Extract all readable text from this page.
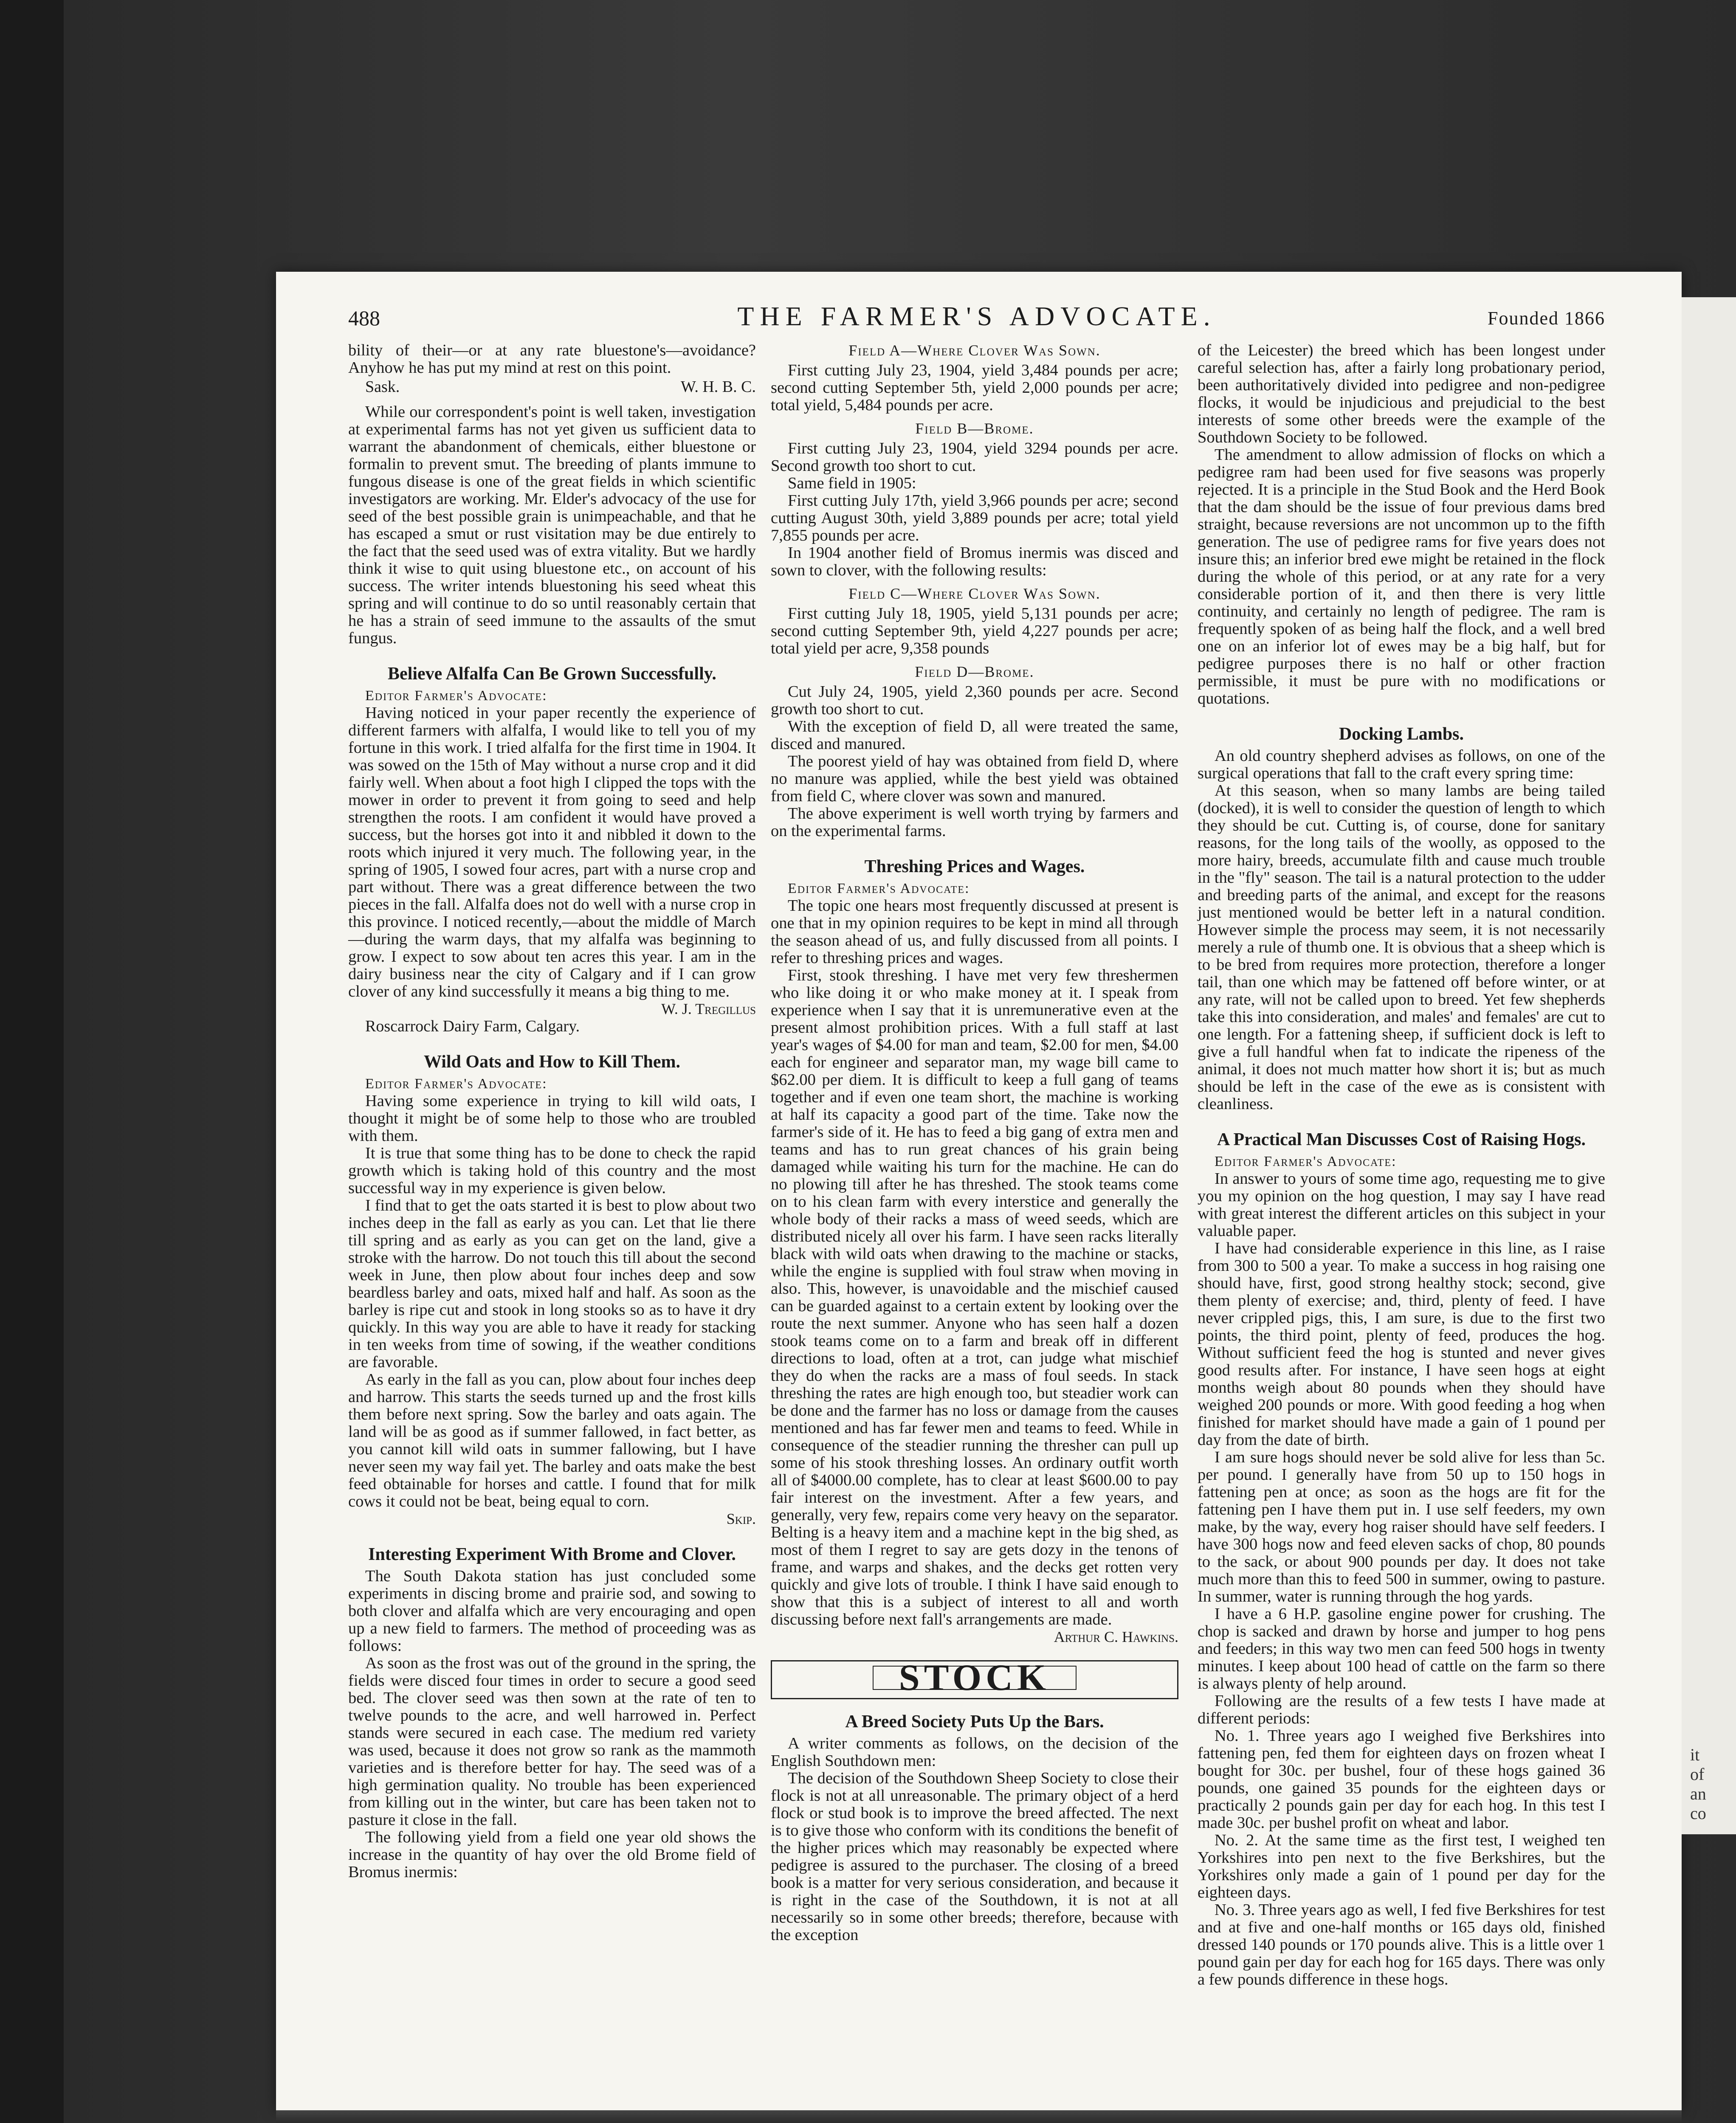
488	THE FARMER'S ADVOCATE.	Founded 1866

bility of their—or at any rate bluestone's—avoidance? Anyhow he has put my mind at rest on this point.

Sask.	W. H. B. C.

While our correspondent's point is well taken, investigation at experimental farms has not yet given us sufficient data to warrant the abandonment of chemicals, either bluestone or formalin to prevent smut. The breeding of plants immune to fungous disease is one of the great fields in which scientific investigators are working. Mr. Elder's advocacy of the use for seed of the best possible grain is unimpeachable, and that he has escaped a smut or rust visitation may be due entirely to the fact that the seed used was of extra vitality. But we hardly think it wise to quit using bluestone etc., on account of his success. The writer intends bluestoning his seed wheat this spring and will continue to do so until reasonably certain that he has a strain of seed immune to the assaults of the smut fungus.

Believe Alfalfa Can Be Grown Successfully.

Editor Farmer's Advocate:

Having noticed in your paper recently the experience of different farmers with alfalfa, I would like to tell you of my fortune in this work. I tried alfalfa for the first time in 1904. It was sowed on the 15th of May without a nurse crop and it did fairly well. When about a foot high I clipped the tops with the mower in order to prevent it from going to seed and help strengthen the roots. I am confident it would have proved a success, but the horses got into it and nibbled it down to the roots which injured it very much. The following year, in the spring of 1905, I sowed four acres, part with a nurse crop and part without. There was a great difference between the two pieces in the fall. Alfalfa does not do well with a nurse crop in this province. I noticed recently,—about the middle of March—during the warm days, that my alfalfa was beginning to grow. I expect to sow about ten acres this year. I am in the dairy business near the city of Calgary and if I can grow clover of any kind successfully it means a big thing to me.

W. J. Tregillus

Roscarrock Dairy Farm, Calgary.

Wild Oats and How to Kill Them.

Editor Farmer's Advocate:

Having some experience in trying to kill wild oats, I thought it might be of some help to those who are troubled with them.

It is true that some thing has to be done to check the rapid growth which is taking hold of this country and the most successful way in my experience is given below.

I find that to get the oats started it is best to plow about two inches deep in the fall as early as you can. Let that lie there till spring and as early as you can get on the land, give a stroke with the harrow. Do not touch this till about the second week in June, then plow about four inches deep and sow beardless barley and oats, mixed half and half. As soon as the barley is ripe cut and stook in long stooks so as to have it dry quickly. In this way you are able to have it ready for stacking in ten weeks from time of sowing, if the weather conditions are favorable.

As early in the fall as you can, plow about four inches deep and harrow. This starts the seeds turned up and the frost kills them before next spring. Sow the barley and oats again. The land will be as good as if summer fallowed, in fact better, as you cannot kill wild oats in summer fallowing, but I have never seen my way fail yet. The barley and oats make the best feed obtainable for horses and cattle. I found that for milk cows it could not be beat, being equal to corn.

Skip.

Interesting Experiment With Brome and Clover.

The South Dakota station has just concluded some experiments in discing brome and prairie sod, and sowing to both clover and alfalfa which are very encouraging and open up a new field to farmers. The method of proceeding was as follows:

As soon as the frost was out of the ground in the spring, the fields were disced four times in order to secure a good seed bed. The clover seed was then sown at the rate of ten to twelve pounds to the acre, and well harrowed in. Perfect stands were secured in each case. The medium red variety was used, because it does not grow so rank as the mammoth varieties and is therefore better for hay. The seed was of a high germination quality. No trouble has been experienced from killing out in the winter, but care has been taken not to pasture it close in the fall.

The following yield from a field one year old shows the increase in the quantity of hay over the old Brome field of Bromus inermis:

Field A—Where Clover Was Sown.

First cutting July 23, 1904, yield 3,484 pounds per acre; second cutting September 5th, yield 2,000 pounds per acre; total yield, 5,484 pounds per acre.

Field B—Brome.

First cutting July 23, 1904, yield 3294 pounds per acre. Second growth too short to cut.

Same field in 1905:

First cutting July 17th, yield 3,966 pounds per acre; second cutting August 30th, yield 3,889 pounds per acre; total yield 7,855 pounds per acre.

In 1904 another field of Bromus inermis was disced and sown to clover, with the following results:

Field C—Where Clover Was Sown.

First cutting July 18, 1905, yield 5,131 pounds per acre; second cutting September 9th, yield 4,227 pounds per acre; total yield per acre, 9,358 pounds

Field D—Brome.

Cut July 24, 1905, yield 2,360 pounds per acre. Second growth too short to cut.

With the exception of field D, all were treated the same, disced and manured.

The poorest yield of hay was obtained from field D, where no manure was applied, while the best yield was obtained from field C, where clover was sown and manured.

The above experiment is well worth trying by farmers and on the experimental farms.

Threshing Prices and Wages.

Editor Farmer's Advocate:

The topic one hears most frequently discussed at present is one that in my opinion requires to be kept in mind all through the season ahead of us, and fully discussed from all points. I refer to threshing prices and wages.

First, stook threshing. I have met very few threshermen who like doing it or who make money at it. I speak from experience when I say that it is unremunerative even at the present almost prohibition prices. With a full staff at last year's wages of $4.00 for man and team, $2.00 for men, $4.00 each for engineer and separator man, my wage bill came to $62.00 per diem. It is difficult to keep a full gang of teams together and if even one team short, the machine is working at half its capacity a good part of the time. Take now the farmer's side of it. He has to feed a big gang of extra men and teams and has to run great chances of his grain being damaged while waiting his turn for the machine. He can do no plowing till after he has threshed. The stook teams come on to his clean farm with every interstice and generally the whole body of their racks a mass of weed seeds, which are distributed nicely all over his farm. I have seen racks literally black with wild oats when drawing to the machine or stacks, while the engine is supplied with foul straw when moving in also. This, however, is unavoidable and the mischief caused can be guarded against to a certain extent by looking over the route the next summer. Anyone who has seen half a dozen stook teams come on to a farm and break off in different directions to load, often at a trot, can judge what mischief they do when the racks are a mass of foul seeds. In stack threshing the rates are high enough too, but steadier work can be done and the farmer has no loss or damage from the causes mentioned and has far fewer men and teams to feed. While in consequence of the steadier running the thresher can pull up some of his stook threshing losses. An ordinary outfit worth all of $4000.00 complete, has to clear at least $600.00 to pay fair interest on the investment. After a few years, and generally, very few, repairs come very heavy on the separator. Belting is a heavy item and a machine kept in the big shed, as most of them I regret to say are gets dozy in the tenons of frame, and warps and shakes, and the decks get rotten very quickly and give lots of trouble. I think I have said enough to show that this is a subject of interest to all and worth discussing before next fall's arrangements are made.

Arthur C. Hawkins.

STOCK
A Breed Society Puts Up the Bars.

A writer comments as follows, on the decision of the English Southdown men:

The decision of the Southdown Sheep Society to close their flock is not at all unreasonable. The primary object of a herd flock or stud book is to improve the breed affected. The next is to give those who conform with its conditions the benefit of the higher prices which may reasonably be expected where pedigree is assured to the purchaser. The closing of a breed book is a matter for very serious consideration, and because it is right in the case of the Southdown, it is not at all necessarily so in some other breeds; therefore, because with the exception

of the Leicester) the breed which has been longest under careful selection has, after a fairly long probationary period, been authoritatively divided into pedigree and non-pedigree flocks, it would be injudicious and prejudicial to the best interests of some other breeds were the example of the Southdown Society to be followed.

The amendment to allow admission of flocks on which a pedigree ram had been used for five seasons was properly rejected. It is a principle in the Stud Book and the Herd Book that the dam should be the issue of four previous dams bred straight, because reversions are not uncommon up to the fifth generation. The use of pedigree rams for five years does not insure this; an inferior bred ewe might be retained in the flock during the whole of this period, or at any rate for a very considerable portion of it, and then there is very little continuity, and certainly no length of pedigree. The ram is frequently spoken of as being half the flock, and a well bred one on an inferior lot of ewes may be a big half, but for pedigree purposes there is no half or other fraction permissible, it must be pure with no modifications or quotations.

Docking Lambs.

An old country shepherd advises as follows, on one of the surgical operations that fall to the craft every spring time:

At this season, when so many lambs are being tailed (docked), it is well to consider the question of length to which they should be cut. Cutting is, of course, done for sanitary reasons, for the long tails of the woolly, as opposed to the more hairy, breeds, accumulate filth and cause much trouble in the "fly" season. The tail is a natural protection to the udder and breeding parts of the animal, and except for the reasons just mentioned would be better left in a natural condition. However simple the process may seem, it is not necessarily merely a rule of thumb one. It is obvious that a sheep which is to be bred from requires more protection, therefore a longer tail, than one which may be fattened off before winter, or at any rate, will not be called upon to breed. Yet few shepherds take this into consideration, and males' and females' are cut to one length. For a fattening sheep, if sufficient dock is left to give a full handful when fat to indicate the ripeness of the animal, it does not much matter how short it is; but as much should be left in the case of the ewe as is consistent with cleanliness.

A Practical Man Discusses Cost of Raising Hogs.

Editor Farmer's Advocate:

In answer to yours of some time ago, requesting me to give you my opinion on the hog question, I may say I have read with great interest the different articles on this subject in your valuable paper.

I have had considerable experience in this line, as I raise from 300 to 500 a year. To make a success in hog raising one should have, first, good strong healthy stock; second, give them plenty of exercise; and, third, plenty of feed. I have never crippled pigs, this, I am sure, is due to the first two points, the third point, plenty of feed, produces the hog. Without sufficient feed the hog is stunted and never gives good results after. For instance, I have seen hogs at eight months weigh about 80 pounds when they should have weighed 200 pounds or more. With good feeding a hog when finished for market should have made a gain of 1 pound per day from the date of birth.

I am sure hogs should never be sold alive for less than 5c. per pound. I generally have from 50 up to 150 hogs in fattening pen at once; as soon as the hogs are fit for the fattening pen I have them put in. I use self feeders, my own make, by the way, every hog raiser should have self feeders. I have 300 hogs now and feed eleven sacks of chop, 80 pounds to the sack, or about 900 pounds per day. It does not take much more than this to feed 500 in summer, owing to pasture. In summer, water is running through the hog yards.

I have a 6 H.P. gasoline engine power for crushing. The chop is sacked and drawn by horse and jumper to hog pens and feeders; in this way two men can feed 500 hogs in twenty minutes. I keep about 100 head of cattle on the farm so there is always plenty of help around.

Following are the results of a few tests I have made at different periods:

No. 1. Three years ago I weighed five Berkshires into fattening pen, fed them for eighteen days on frozen wheat I bought for 30c. per bushel, four of these hogs gained 36 pounds, one gained 35 pounds for the eighteen days or practically 2 pounds gain per day for each hog. In this test I made 30c. per bushel profit on wheat and labor.

No. 2. At the same time as the first test, I weighed ten Yorkshires into pen next to the five Berkshires, but the Yorkshires only made a gain of 1 pound per day for the eighteen days.

No. 3. Three years ago as well, I fed five Berkshires for test and at five and one-half months or 165 days old, finished dressed 140 pounds or 170 pounds alive. This is a little over 1 pound gain per day for each hog for 165 days. There was only a few pounds difference in these hogs.

it
of
an
co
